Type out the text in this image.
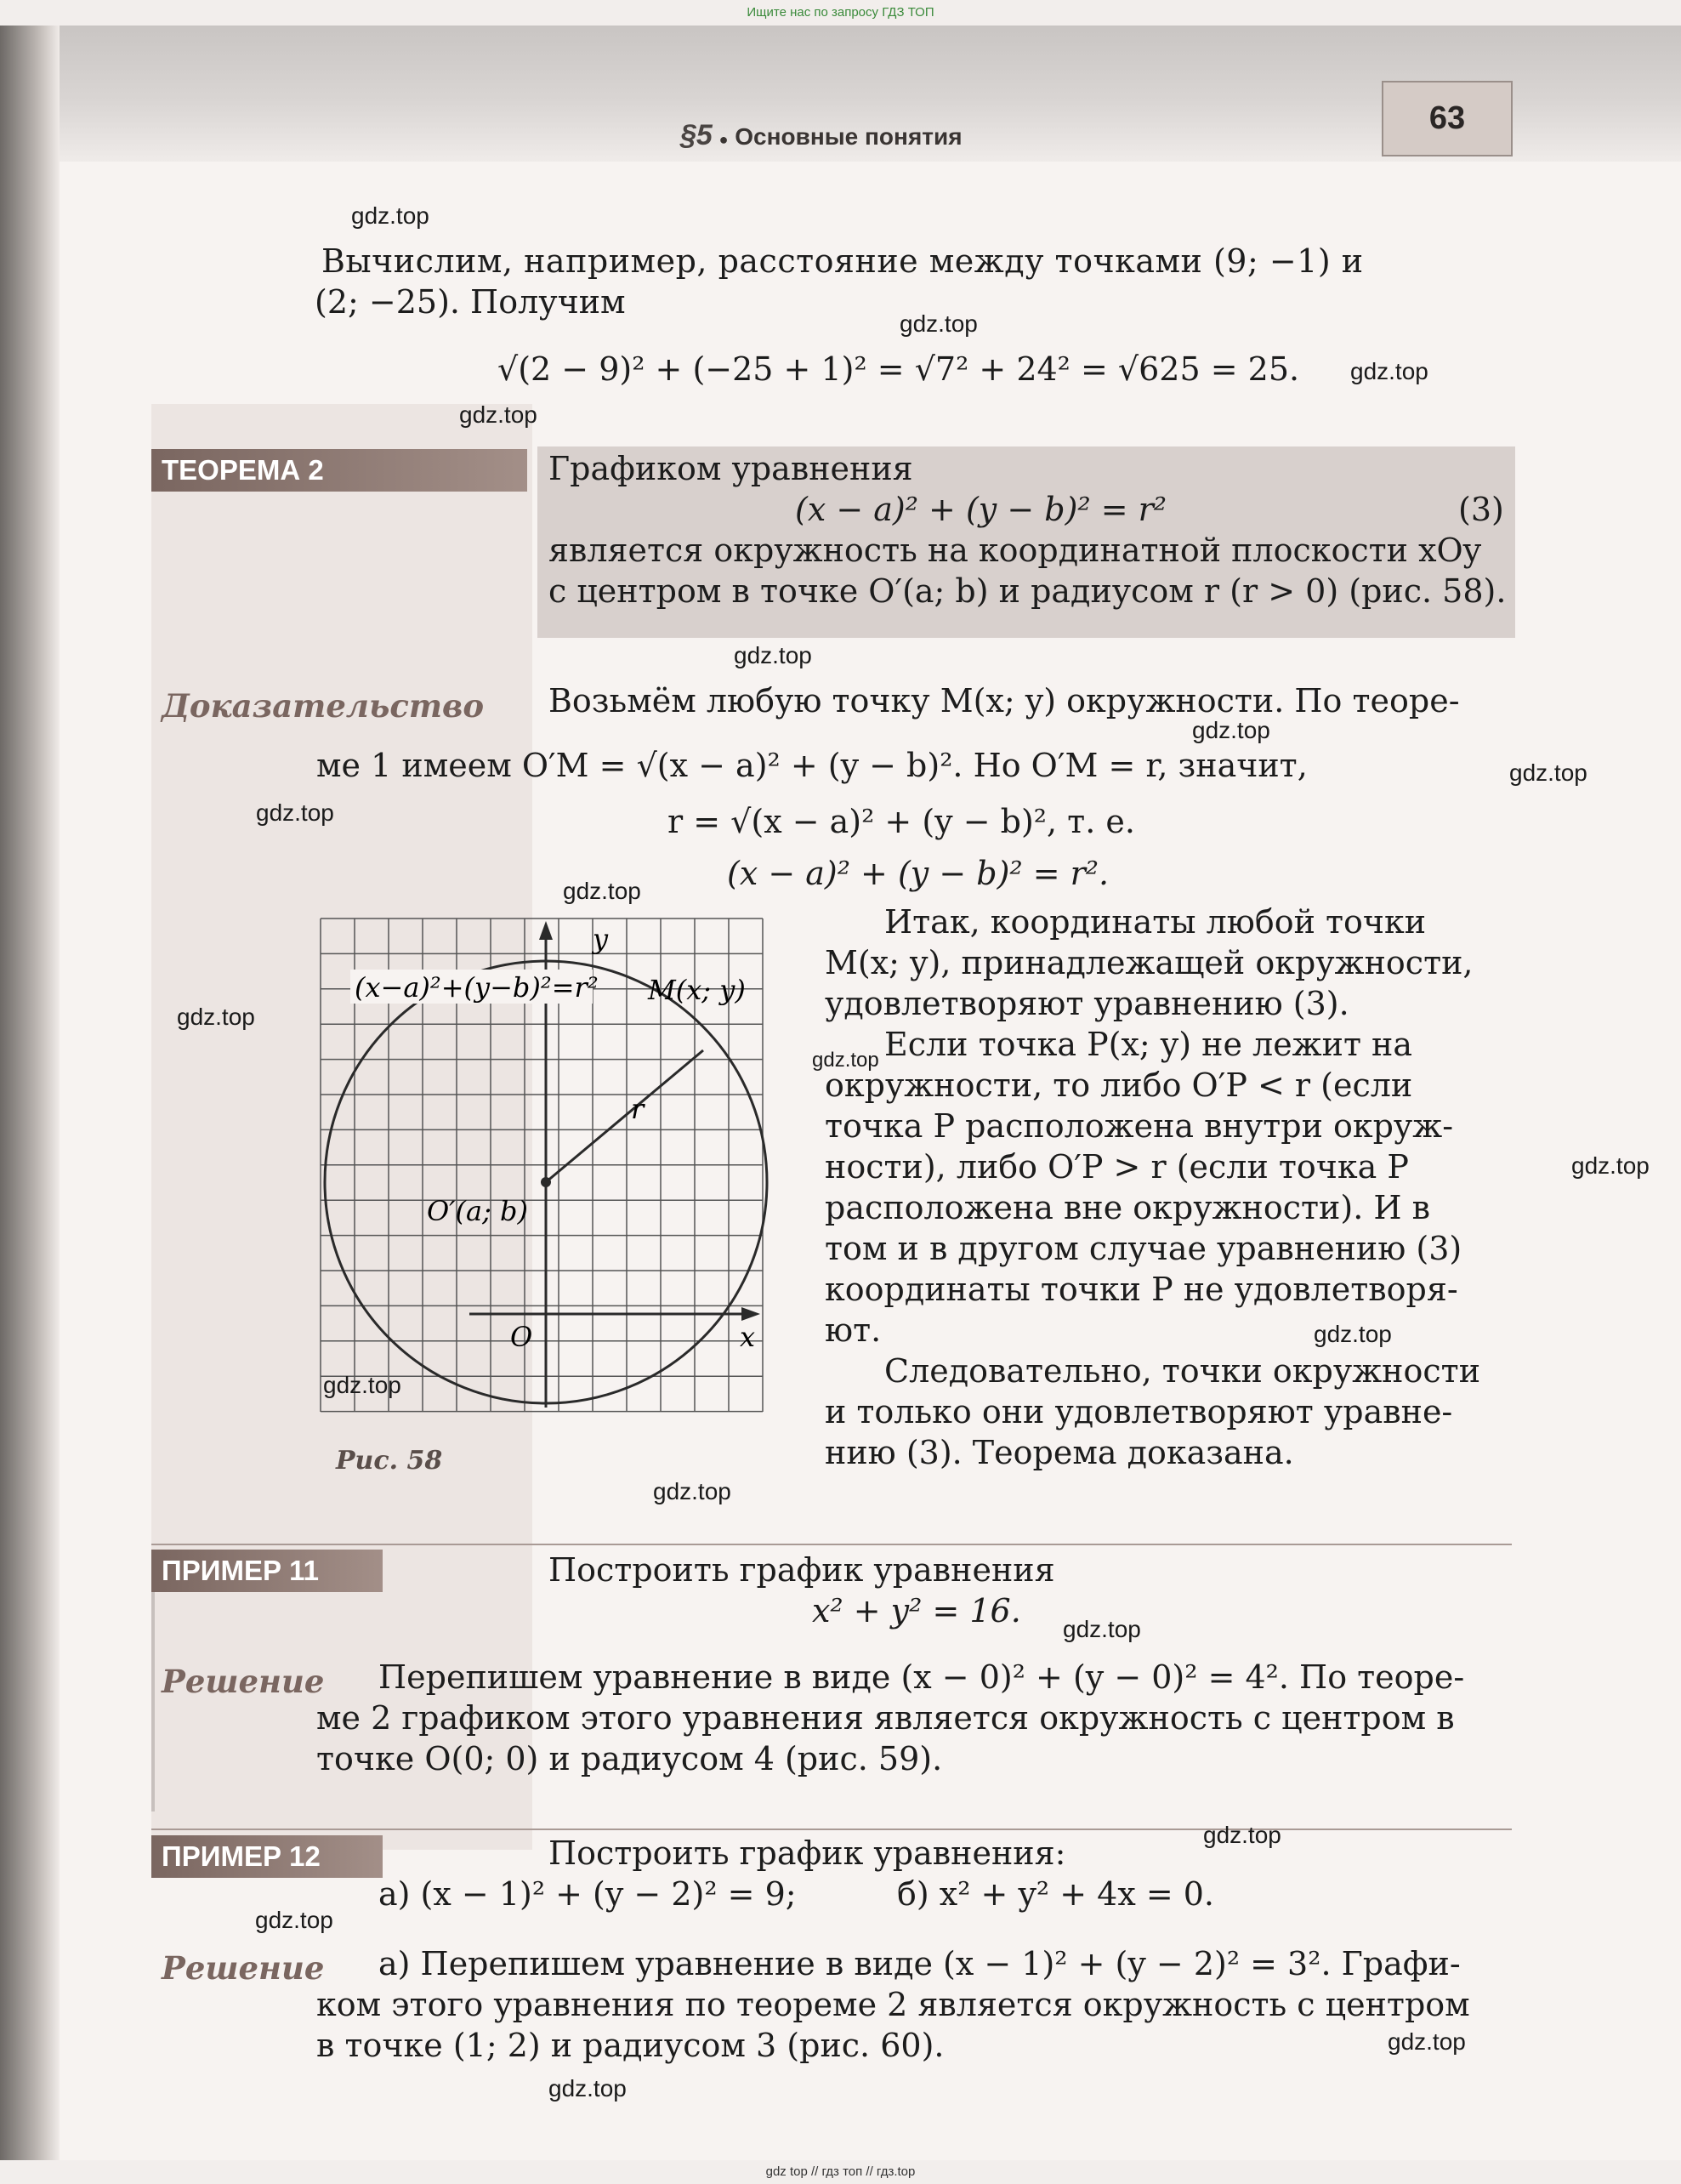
Ищите нас по запросу ГДЗ ТОП
§5 ● Основные понятия
63
Вычислим, например, расстояние между точками (9; −1) и
(2; −25). Получим
√(2 − 9)² + (−25 + 1)² = √7² + 24² = √625 = 25.
ТЕОРЕМА 2	Графиком уравнения
(x − a)² + (y − b)² = r²	(3)
является окружность на координатной плоскости xOy
с центром в точке O′(a; b) и радиусом r (r > 0) (рис. 58).
Доказательство Возьмём любую точку M(x; y) окружности. По теоре-
ме 1 имеем O′M = √(x − a)² + (y − b)². Но O′M = r, значит,
r = √(x − a)² + (y − b)², т. е.
(x − a)² + (y − b)² = r².
Итак, координаты любой точки
M(x; y), принадлежащей окружности,
удовлетворяют уравнению (3).
Если точка P(x; y) не лежит на
окружности, то либо O′P < r (если
точка P расположена внутри окруж-
ности), либо O′P > r (если точка P
расположена вне окружности). И в
том и в другом случае уравнению (3)
координаты точки P не удовлетворя-
ют.
Следовательно, точки окружности
и только они удовлетворяют уравне-
нию (3). Теорема доказана.
(x−a)²+(y−b)²=r² M(x; y)
O′(a; b)
r
y
x
O
Рис. 58
ПРИМЕР 11	Построить график уравнения
x² + y² = 16.
Решение Перепишем уравнение в виде (x − 0)² + (y − 0)² = 4². По теоре-
ме 2 графиком этого уравнения является окружность с центром в
точке O(0; 0) и радиусом 4 (рис. 59).
ПРИМЕР 12	Построить график уравнения:
а) (x − 1)² + (y − 2)² = 9;	б) x² + y² + 4x = 0.
Решение а) Перепишем уравнение в виде (x − 1)² + (y − 2)² = 3². Графи-
ком этого уравнения по теореме 2 является окружность с центром
в точке (1; 2) и радиусом 3 (рис. 60).
gdz.top
gdz.top
gdz.top
gdz.top
gdz.top
gdz.top
gdz.top
gdz.top
gdz.top
gdz.top
gdz.top
gdz.top
gdz.top
gdz.top
gdz.top
gdz.top
gdz.top
gdz.top
gdz.top
gdz.top
gdz top // гдз топ // гдз.top
